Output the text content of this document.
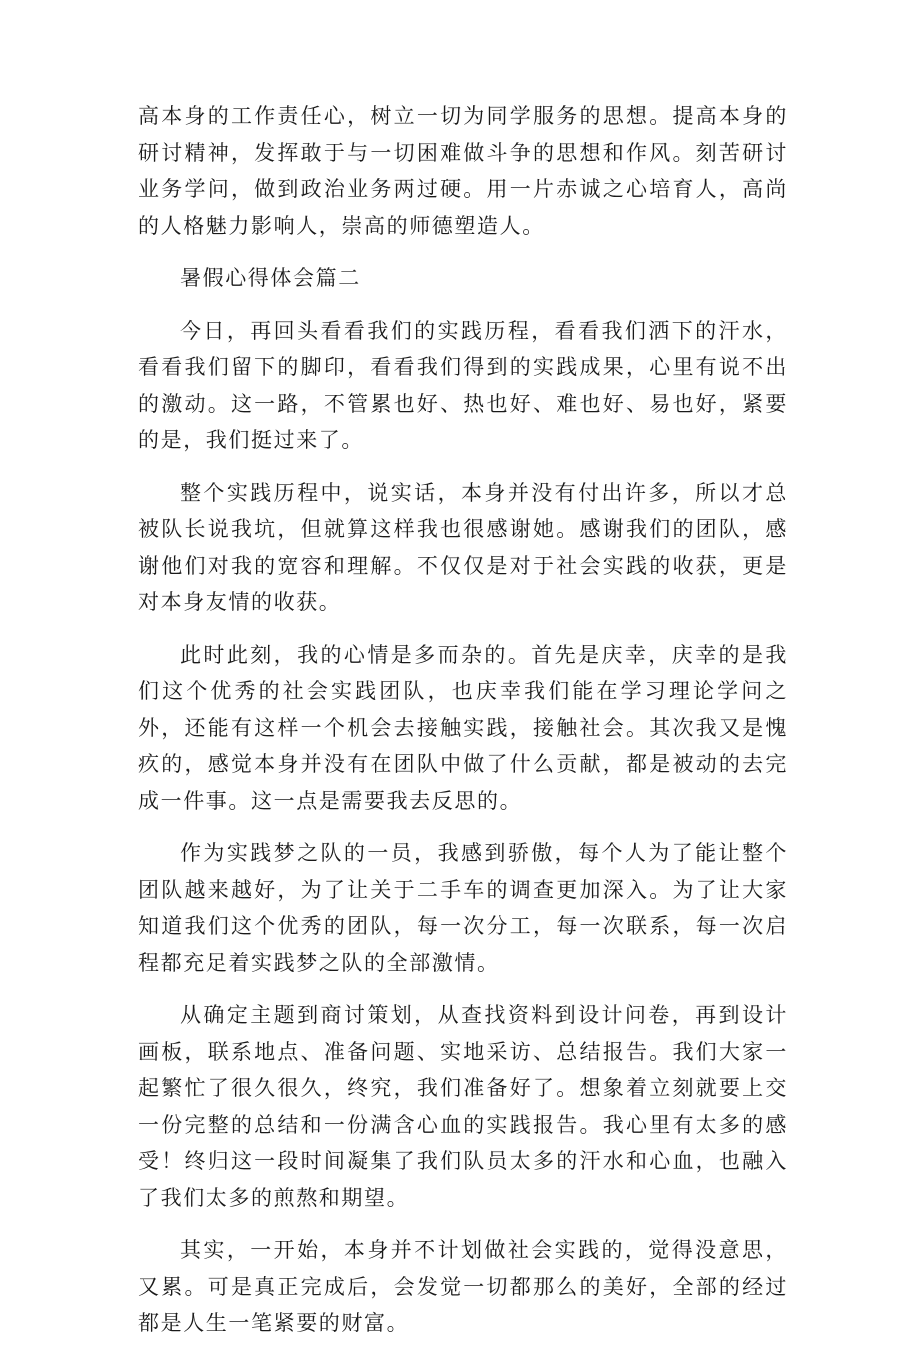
高本身的工作责任心，树立一切为同学服务的思想。提高本身的研讨精神，发挥敢于与一切困难做斗争的思想和作风。刻苦研讨业务学问，做到政治业务两过硬。用一片赤诚之心培育人，高尚的人格魅力影响人，崇高的师德塑造人。

暑假心得体会篇二

今日，再回头看看我们的实践历程，看看我们洒下的汗水，看看我们留下的脚印，看看我们得到的实践成果，心里有说不出的激动。这一路，不管累也好、热也好、难也好、易也好，紧要的是，我们挺过来了。

整个实践历程中，说实话，本身并没有付出许多，所以才总被队长说我坑，但就算这样我也很感谢她。感谢我们的团队，感谢他们对我的宽容和理解。不仅仅是对于社会实践的收获，更是对本身友情的收获。

此时此刻，我的心情是多而杂的。首先是庆幸，庆幸的是我们这个优秀的社会实践团队，也庆幸我们能在学习理论学问之外，还能有这样一个机会去接触实践，接触社会。其次我又是愧疚的，感觉本身并没有在团队中做了什么贡献，都是被动的去完成一件事。这一点是需要我去反思的。

作为实践梦之队的一员，我感到骄傲，每个人为了能让整个团队越来越好，为了让关于二手车的调查更加深入。为了让大家知道我们这个优秀的团队，每一次分工，每一次联系，每一次启程都充足着实践梦之队的全部激情。

从确定主题到商讨策划，从查找资料到设计问卷，再到设计画板，联系地点、准备问题、实地采访、总结报告。我们大家一起繁忙了很久很久，终究，我们准备好了。想象着立刻就要上交一份完整的总结和一份满含心血的实践报告。我心里有太多的感受！终归这一段时间凝集了我们队员太多的汗水和心血，也融入了我们太多的煎熬和期望。

其实，一开始，本身并不计划做社会实践的，觉得没意思，又累。可是真正完成后，会发觉一切都那么的美好，全部的经过都是人生一笔紧要的财富。
